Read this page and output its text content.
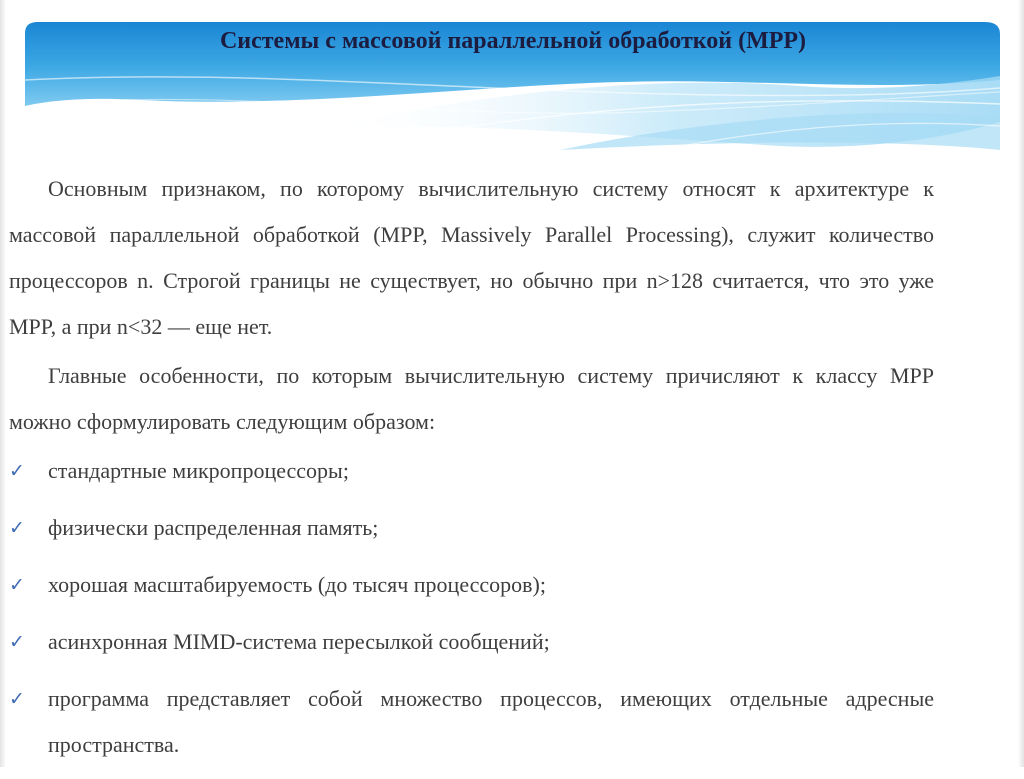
Системы с массовой параллельной обработкой (MPP)

Основным признаком, по которому вычислительную систему относят к архитектуре к массовой параллельной обработкой (MPP, Massively Parallel Processing), служит количество процессоров n. Строгой границы не существует, но обычно при n>128 считается, что это уже MPP, а при n<32 — еще нет.

Главные особенности, по которым вычислительную систему причисляют к классу MPP можно сформулировать следующим образом:

✓ стандартные микропроцессоры;
✓ физически распределенная память;
✓ хорошая масштабируемость (до тысяч процессоров);
✓ асинхронная MIMD-система пересылкой сообщений;
✓ программа представляет собой множество процессов, имеющих отдельные адресные пространства.
